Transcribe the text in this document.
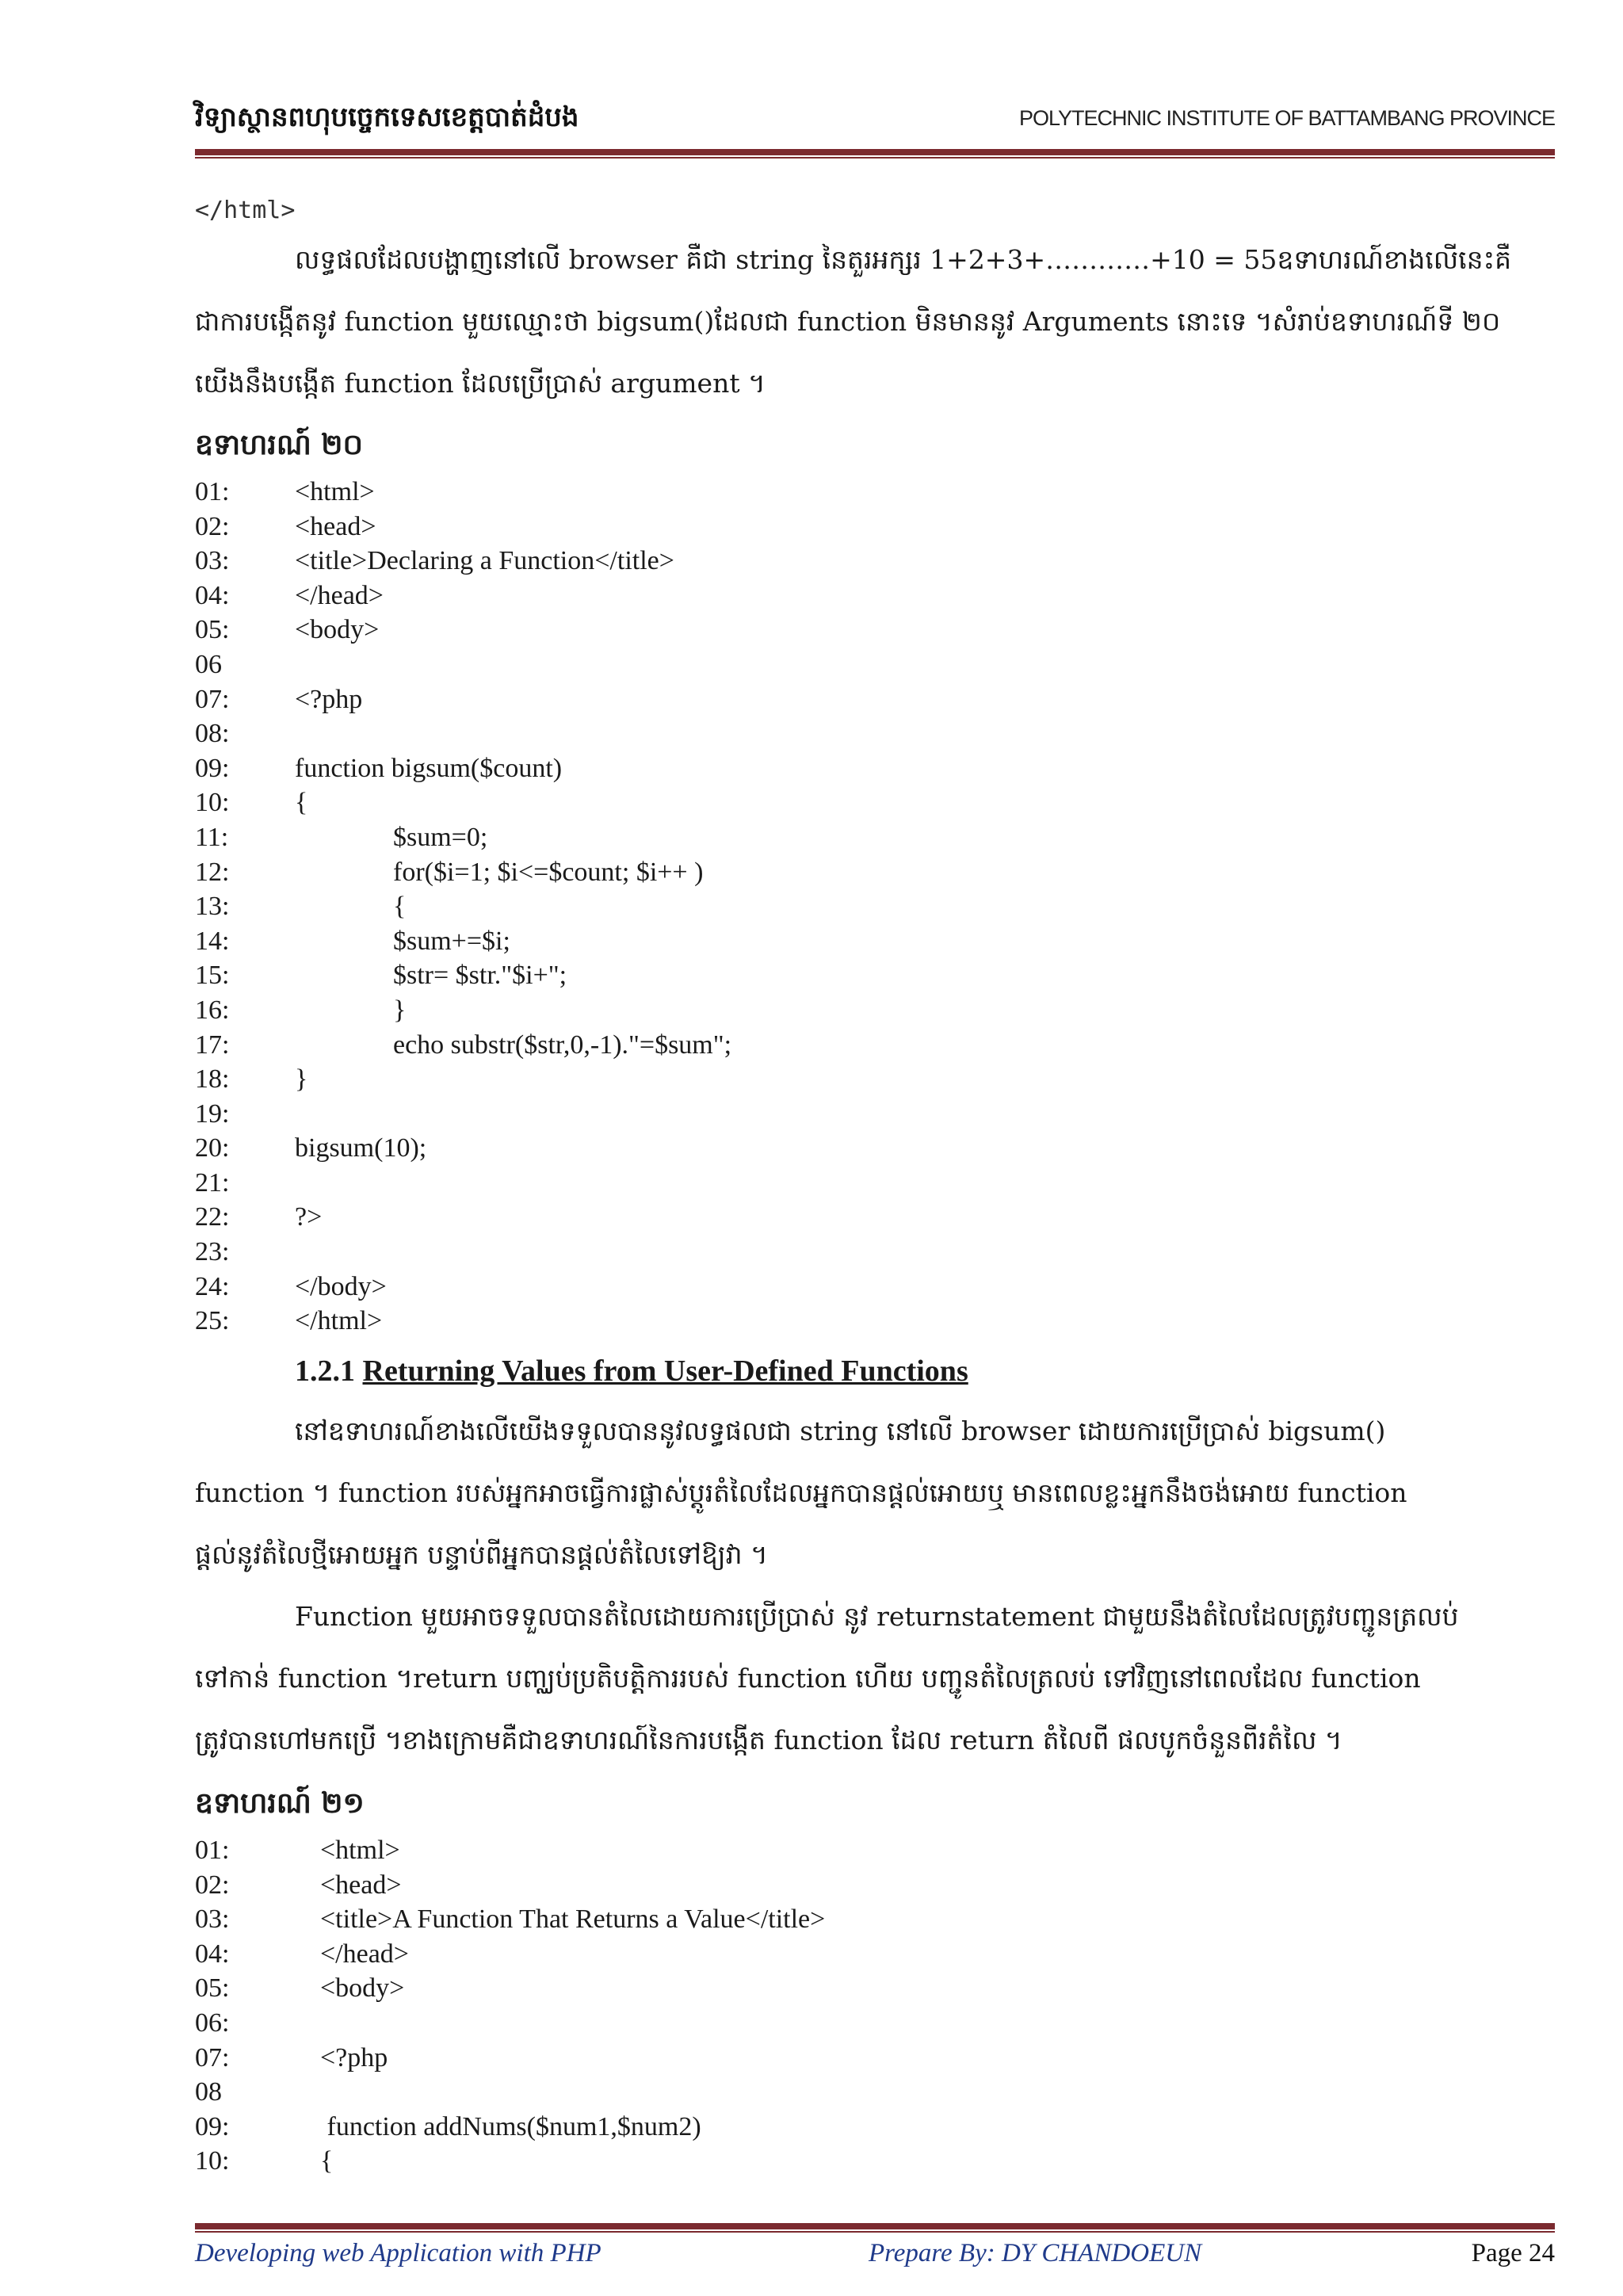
វិទ្យាស្ថានពហុបច្ចេកទេសខេត្តបាត់ដំបង	POLYTECHNIC INSTITUTE OF BATTAMBANG PROVINCE
</html>
លទ្ធផលដែលបង្ហាញនៅលើ browser គឺជា string នៃតួរអក្សរ 1+2+3+…………+10 = 55ឧទាហរណ៍ខាងលើនេះគឺ
ជាការបង្កើតនូវ function មួយឈ្មោះថា bigsum()ដែលជា function មិនមាននូវ Arguments នោះទេ ។សំរាប់ឧទាហរណ៍ទី ២០
យើងនឹងបង្កើត function ដែលប្រើប្រាស់ argument ។
ឧទាហរណ៍ ២០
01: <html>
02: <head>
03: <title>Declaring a Function</title>
04: </head>
05: <body>
06
07: <?php
08:
09: function bigsum($count)
10: {
11:	$sum=0;
12:	for($i=1; $i<=$count; $i++ )
13:	{
14:	$sum+=$i;
15:	$str= $str."$i+";
16:	}
17:	echo substr($str,0,-1)."=$sum";
18: }
19:
20: bigsum(10);
21:
22: ?>
23:
24: </body>
25: </html>
1.2.1 Returning Values from User-Defined Functions
នៅឧទាហរណ៍ខាងលើយើងទទួលបាននូវលទ្ធផលជា string នៅលើ browser ដោយការប្រើប្រាស់ bigsum()
function ។ function របស់អ្នកអាចធ្វើការផ្លាស់ប្តូរតំលៃដែលអ្នកបានផ្តល់អោយឬ មានពេលខ្លះអ្នកនឹងចង់អោយ function
ផ្តល់នូវតំលៃថ្មីអោយអ្នក បន្ទាប់ពីអ្នកបានផ្តល់តំលៃទៅឱ្យវា ។
Function មួយអាចទទួលបានតំលៃដោយការប្រើប្រាស់ នូវ returnstatement ជាមួយនឹងតំលៃដែលត្រូវបញ្ជូនត្រលប់
ទៅកាន់ function ។return បញ្ឈប់ប្រតិបត្តិការរបស់ function ហើយ បញ្ជូនតំលៃត្រលប់ ទៅវិញនៅពេលដែល function
ត្រូវបានហៅមកប្រើ ។ខាងក្រោមគឺជាឧទាហរណ៍នៃការបង្កើត function ដែល return តំលៃពី ផលបូកចំនួនពីរតំលៃ ។
ឧទាហរណ៍ ២១
01:	<html>
02:	<head>
03:	<title>A Function That Returns a Value</title>
04:	</head>
05:	<body>
06:
07:	<?php
08
09:	function addNums($num1,$num2)
10:	{
Developing web Application with PHP	Prepare By: DY CHANDOEUN	Page 24
